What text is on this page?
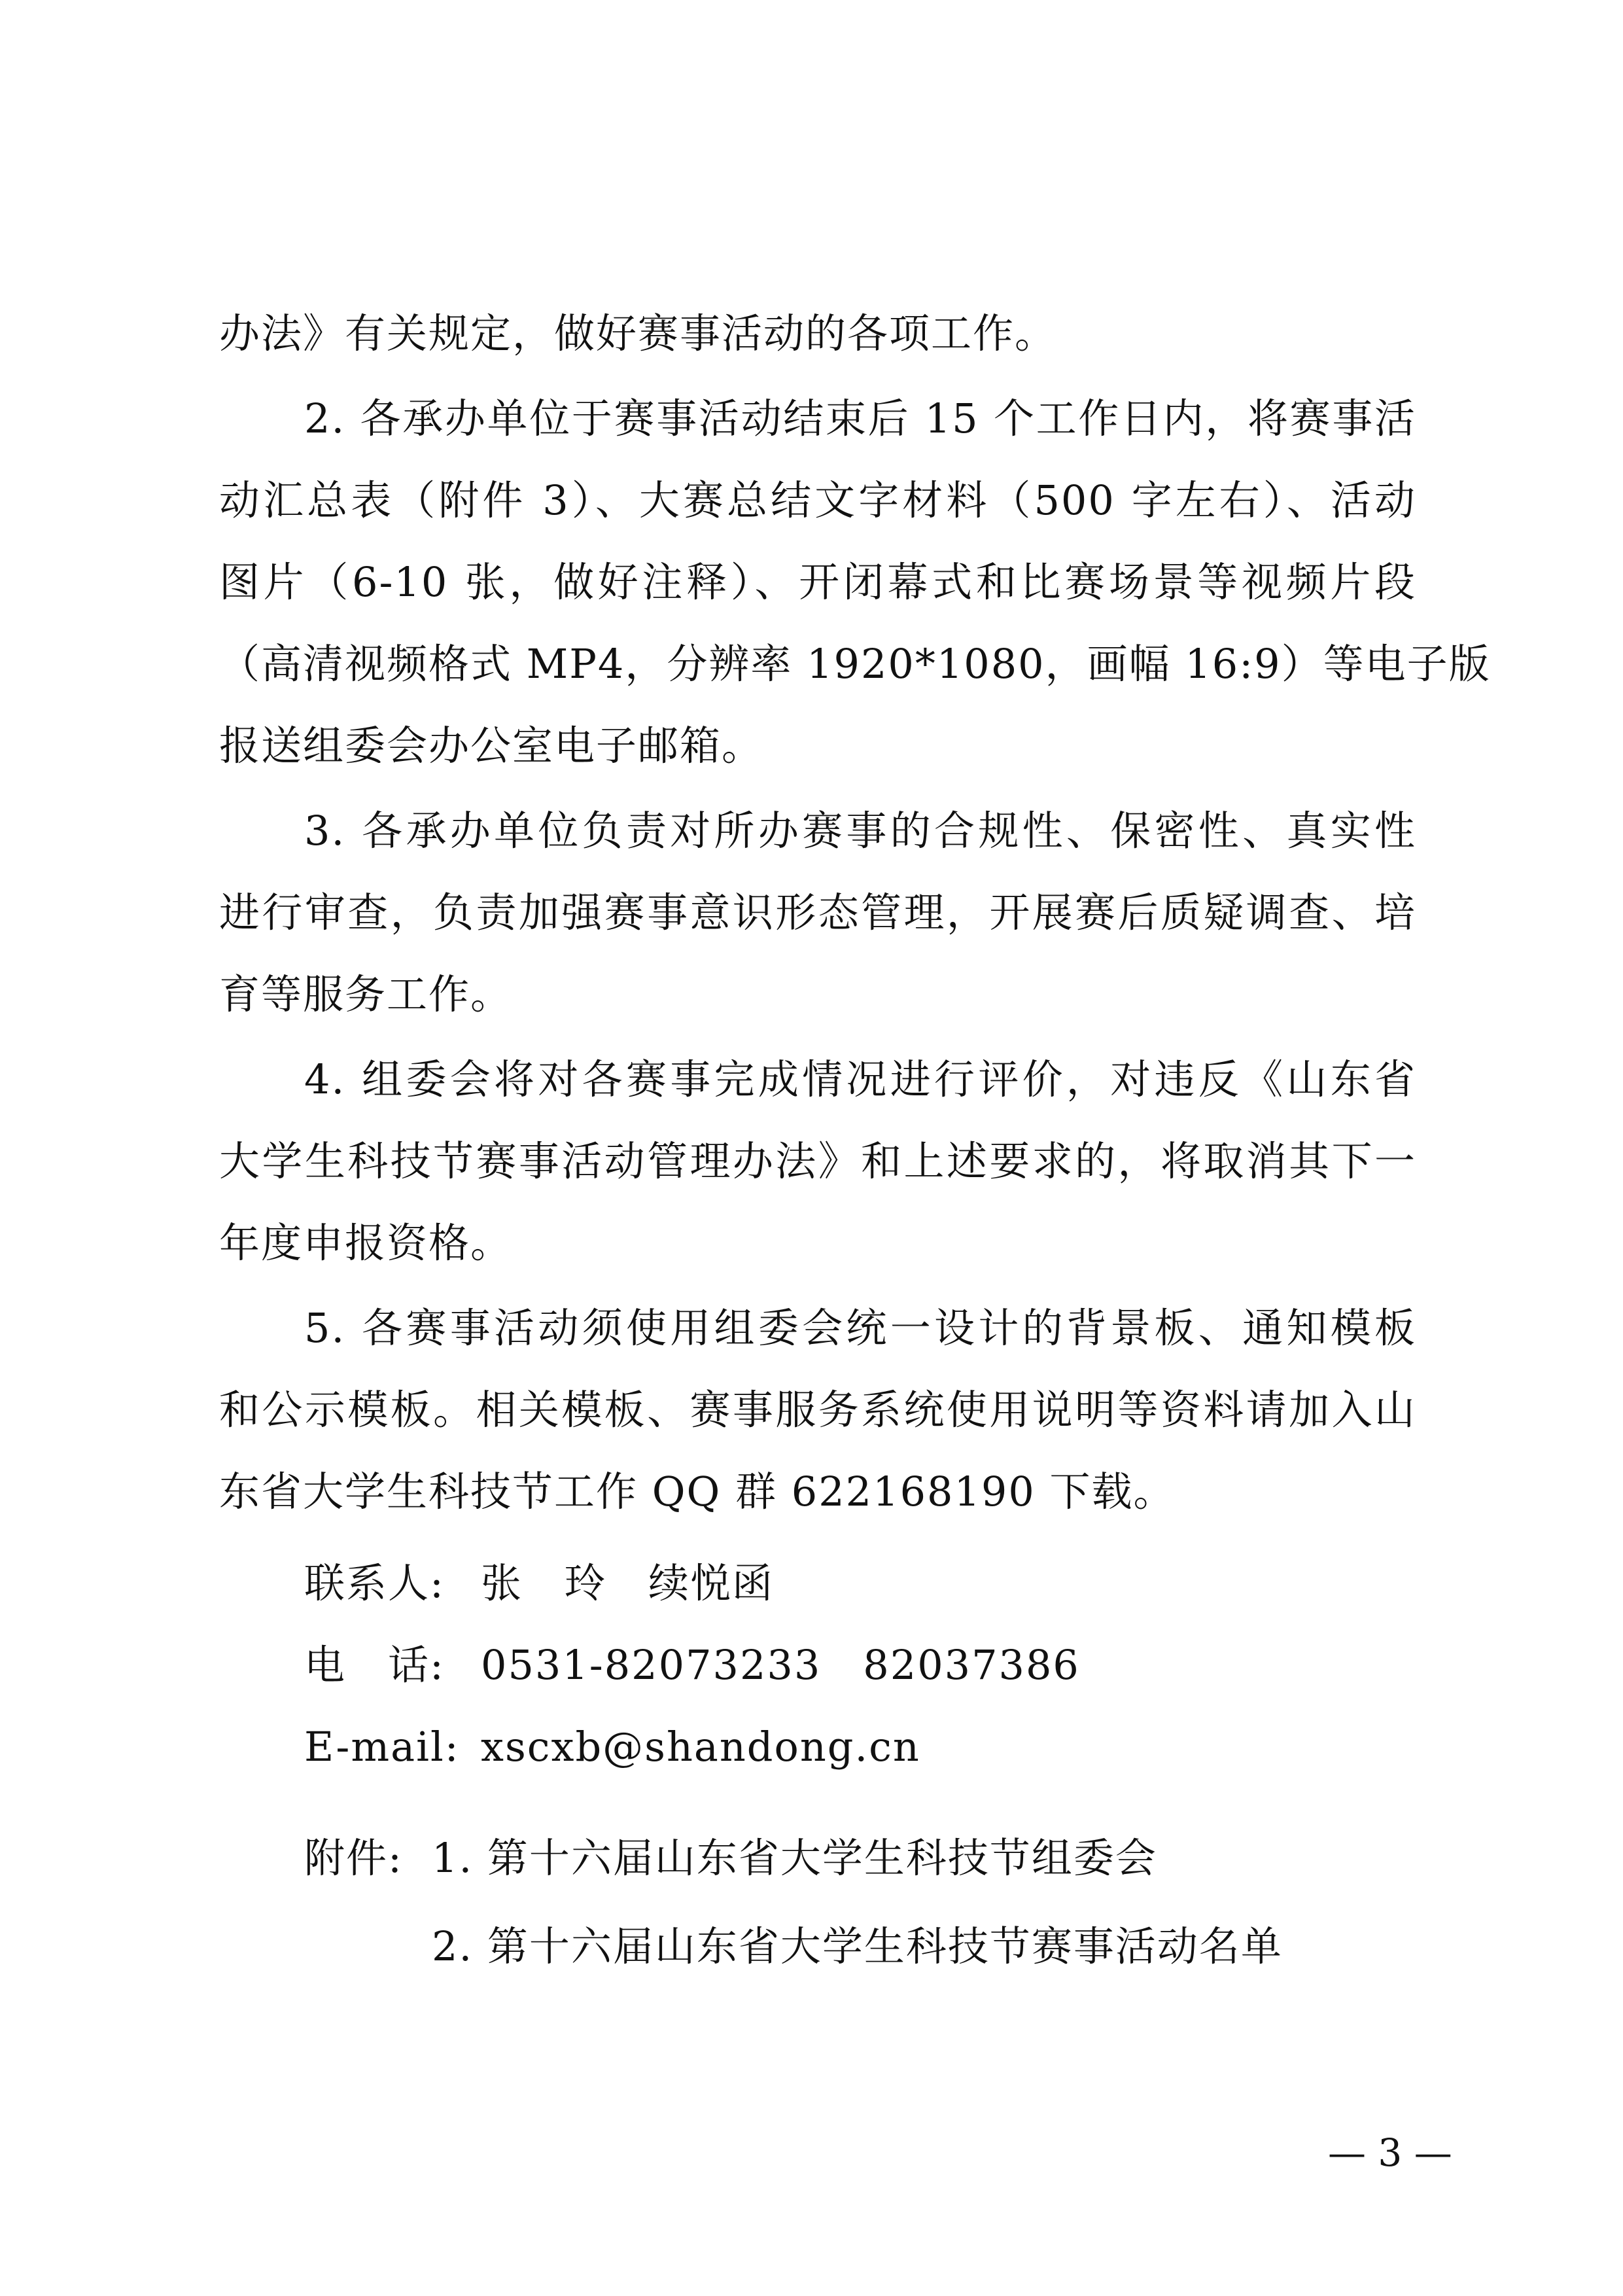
办法》有关规定，做好赛事活动的各项工作。
2. 各承办单位于赛事活动结束后 15 个工作日内，将赛事活
动汇总表（附件 3）、大赛总结文字材料（500 字左右）、活动
图片（6-10 张，做好注释）、开闭幕式和比赛场景等视频片段
（高清视频格式 MP4，分辨率 1920*1080，画幅 16:9）等电子版
报送组委会办公室电子邮箱。
3. 各承办单位负责对所办赛事的合规性、保密性、真实性
进行审查，负责加强赛事意识形态管理，开展赛后质疑调查、培
育等服务工作。
4. 组委会将对各赛事完成情况进行评价，对违反《山东省
大学生科技节赛事活动管理办法》和上述要求的，将取消其下一
年度申报资格。
5. 各赛事活动须使用组委会统一设计的背景板、通知模板
和公示模板。相关模板、赛事服务系统使用说明等资料请加入山
东省大学生科技节工作 QQ 群 622168190 下载。
联系人: 张　玲　续悦函
电　话: 0531-82073233　82037386
E-mail: xscxb@shandong.cn
附件: 1. 第十六届山东省大学生科技节组委会
2. 第十六届山东省大学生科技节赛事活动名单
— 3 —
